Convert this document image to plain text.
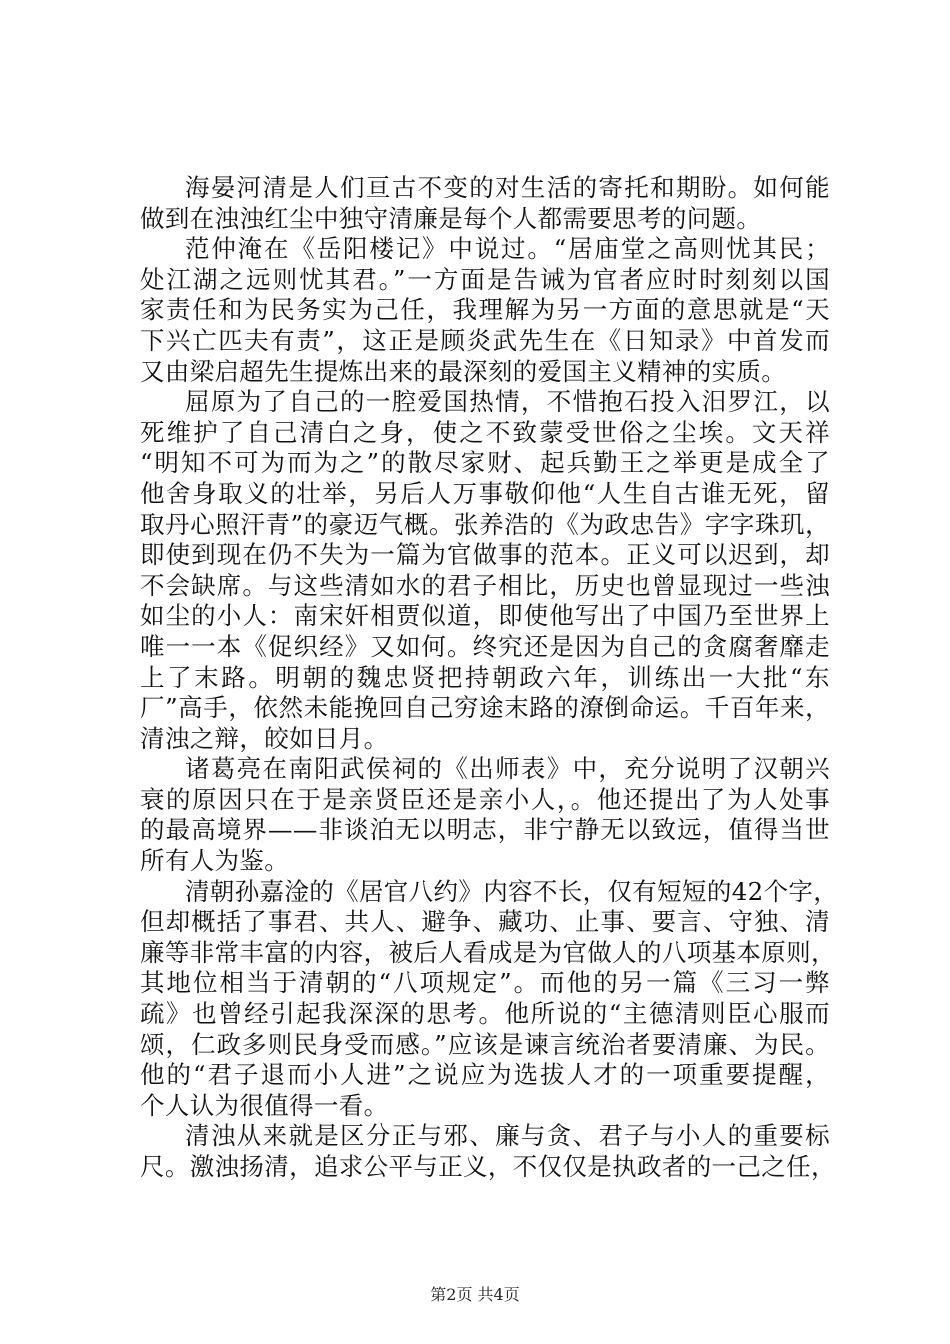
海晏河清是人们亘古不变的对生活的寄托和期盼。如何能
做到在浊浊红尘中独守清廉是每个人都需要思考的问题。
范仲淹在《岳阳楼记》中说过。“居庙堂之高则忧其民；
处江湖之远则忧其君。”一方面是告诫为官者应时时刻刻以国
家责任和为民务实为己任，我理解为另一方面的意思就是“天
下兴亡匹夫有责”，这正是顾炎武先生在《日知录》中首发而
又由梁启超先生提炼出来的最深刻的爱国主义精神的实质。
屈原为了自己的一腔爱国热情，不惜抱石投入汨罗江，以
死维护了自己清白之身，使之不致蒙受世俗之尘埃。文天祥
“明知不可为而为之”的散尽家财、起兵勤王之举更是成全了
他舍身取义的壮举，另后人万事敬仰他“人生自古谁无死，留
取丹心照汗青”的豪迈气概。张养浩的《为政忠告》字字珠玑，
即使到现在仍不失为一篇为官做事的范本。正义可以迟到，却
不会缺席。与这些清如水的君子相比，历史也曾显现过一些浊
如尘的小人：南宋奸相贾似道，即使他写出了中国乃至世界上
唯一一本《促织经》又如何。终究还是因为自己的贪腐奢靡走
上了末路。明朝的魏忠贤把持朝政六年，训练出一大批“东
厂”高手，依然未能挽回自己穷途末路的潦倒命运。千百年来，
清浊之辩，皎如日月。
诸葛亮在南阳武侯祠的《出师表》中，充分说明了汉朝兴
衰的原因只在于是亲贤臣还是亲小人，。他还提出了为人处事
的最高境界——非谈泊无以明志，非宁静无以致远，值得当世
所有人为鉴。
清朝孙嘉淦的《居官八约》内容不长，仅有短短的42个字，
但却概括了事君、共人、避争、藏功、止事、要言、守独、清
廉等非常丰富的内容，被后人看成是为官做人的八项基本原则，
其地位相当于清朝的“八项规定”。而他的另一篇《三习一弊
疏》也曾经引起我深深的思考。他所说的“主德清则臣心服而
颂，仁政多则民身受而感。”应该是谏言统治者要清廉、为民。
他的“君子退而小人进”之说应为选拔人才的一项重要提醒，
个人认为很值得一看。
清浊从来就是区分正与邪、廉与贪、君子与小人的重要标
尺。激浊扬清，追求公平与正义，不仅仅是执政者的一己之任，
第2页 共4页
